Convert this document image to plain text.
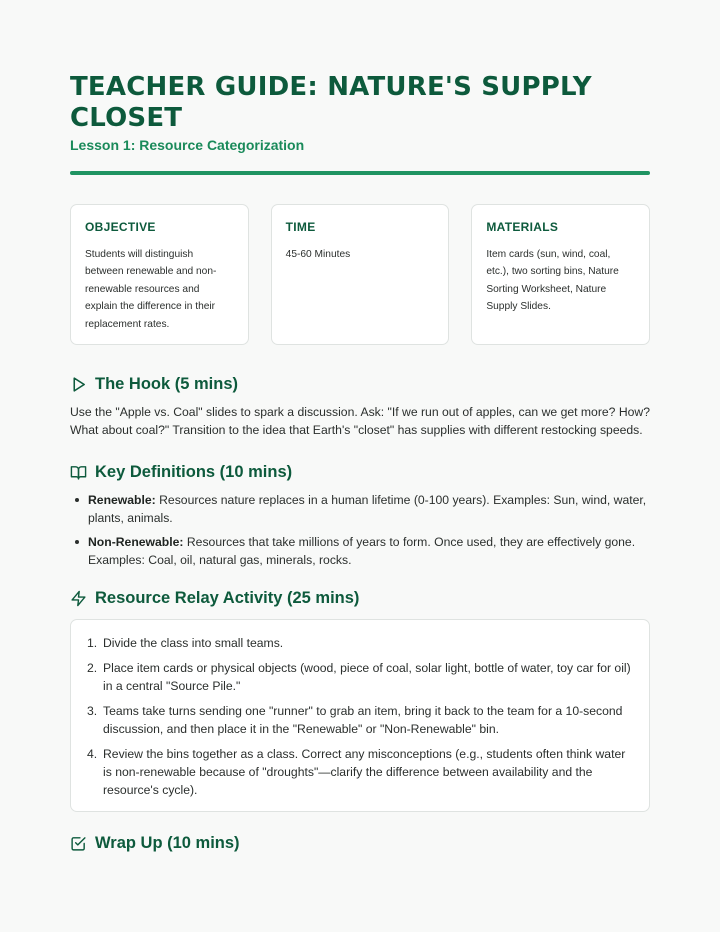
TEACHER GUIDE: NATURE'S SUPPLY CLOSET
Lesson 1: Resource Categorization
OBJECTIVE
Students will distinguish between renewable and non-renewable resources and explain the difference in their replacement rates.
TIME
45-60 Minutes
MATERIALS
Item cards (sun, wind, coal, etc.), two sorting bins, Nature Sorting Worksheet, Nature Supply Slides.
The Hook (5 mins)

Use the "Apple vs. Coal" slides to spark a discussion. Ask: "If we run out of apples, can we get more? How? What about coal?" Transition to the idea that Earth's "closet" has supplies with different restocking speeds.

Key Definitions (10 mins)
Renewable: Resources nature replaces in a human lifetime (0-100 years). Examples: Sun, wind, water, plants, animals.
Non-Renewable: Resources that take millions of years to form. Once used, they are effectively gone. Examples: Coal, oil, natural gas, minerals, rocks.
Resource Relay Activity (25 mins)
1. Divide the class into small teams.
2. Place item cards or physical objects (wood, piece of coal, solar light, bottle of water, toy car for oil) in a central "Source Pile."
3. Teams take turns sending one "runner" to grab an item, bring it back to the team for a 10-second discussion, and then place it in the "Renewable" or "Non-Renewable" bin.
4. Review the bins together as a class. Correct any misconceptions (e.g., students often think water is non-renewable because of "droughts"—clarify the difference between availability and the resource's cycle).
Wrap Up (10 mins)
